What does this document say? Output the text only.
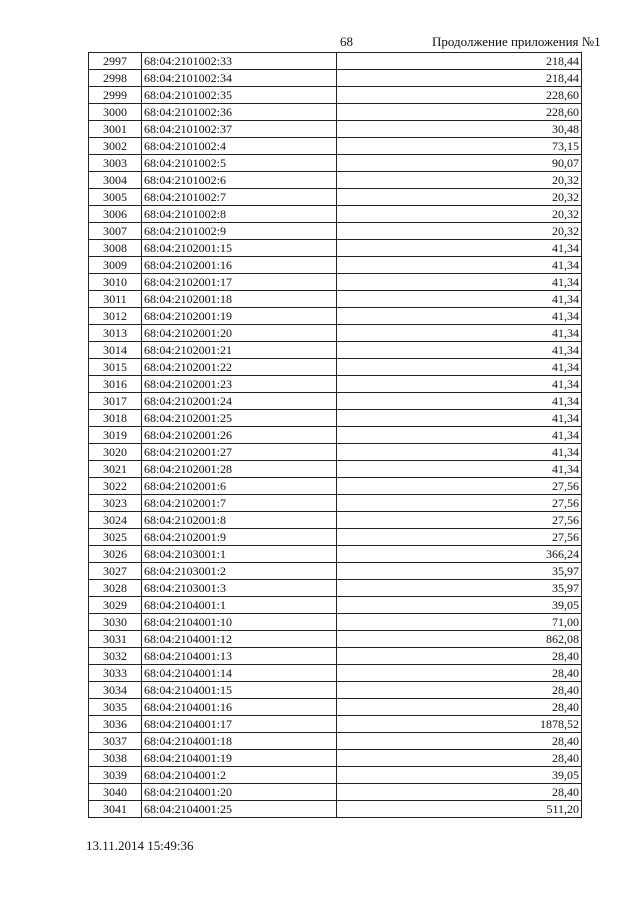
68	Продолжение приложения №1
2997	68:04:2101002:33	218,44
2998	68:04:2101002:34	218,44
2999	68:04:2101002:35	228,60
3000	68:04:2101002:36	228,60
3001	68:04:2101002:37	30,48
3002	68:04:2101002:4	73,15
3003	68:04:2101002:5	90,07
3004	68:04:2101002:6	20,32
3005	68:04:2101002:7	20,32
3006	68:04:2101002:8	20,32
3007	68:04:2101002:9	20,32
3008	68:04:2102001:15	41,34
3009	68:04:2102001:16	41,34
3010	68:04:2102001:17	41,34
3011	68:04:2102001:18	41,34
3012	68:04:2102001:19	41,34
3013	68:04:2102001:20	41,34
3014	68:04:2102001:21	41,34
3015	68:04:2102001:22	41,34
3016	68:04:2102001:23	41,34
3017	68:04:2102001:24	41,34
3018	68:04:2102001:25	41,34
3019	68:04:2102001:26	41,34
3020	68:04:2102001:27	41,34
3021	68:04:2102001:28	41,34
3022	68:04:2102001:6	27,56
3023	68:04:2102001:7	27,56
3024	68:04:2102001:8	27,56
3025	68:04:2102001:9	27,56
3026	68:04:2103001:1	366,24
3027	68:04:2103001:2	35,97
3028	68:04:2103001:3	35,97
3029	68:04:2104001:1	39,05
3030	68:04:2104001:10	71,00
3031	68:04:2104001:12	862,08
3032	68:04:2104001:13	28,40
3033	68:04:2104001:14	28,40
3034	68:04:2104001:15	28,40
3035	68:04:2104001:16	28,40
3036	68:04:2104001:17	1878,52
3037	68:04:2104001:18	28,40
3038	68:04:2104001:19	28,40
3039	68:04:2104001:2	39,05
3040	68:04:2104001:20	28,40
3041	68:04:2104001:25	511,20
13.11.2014 15:49:36
